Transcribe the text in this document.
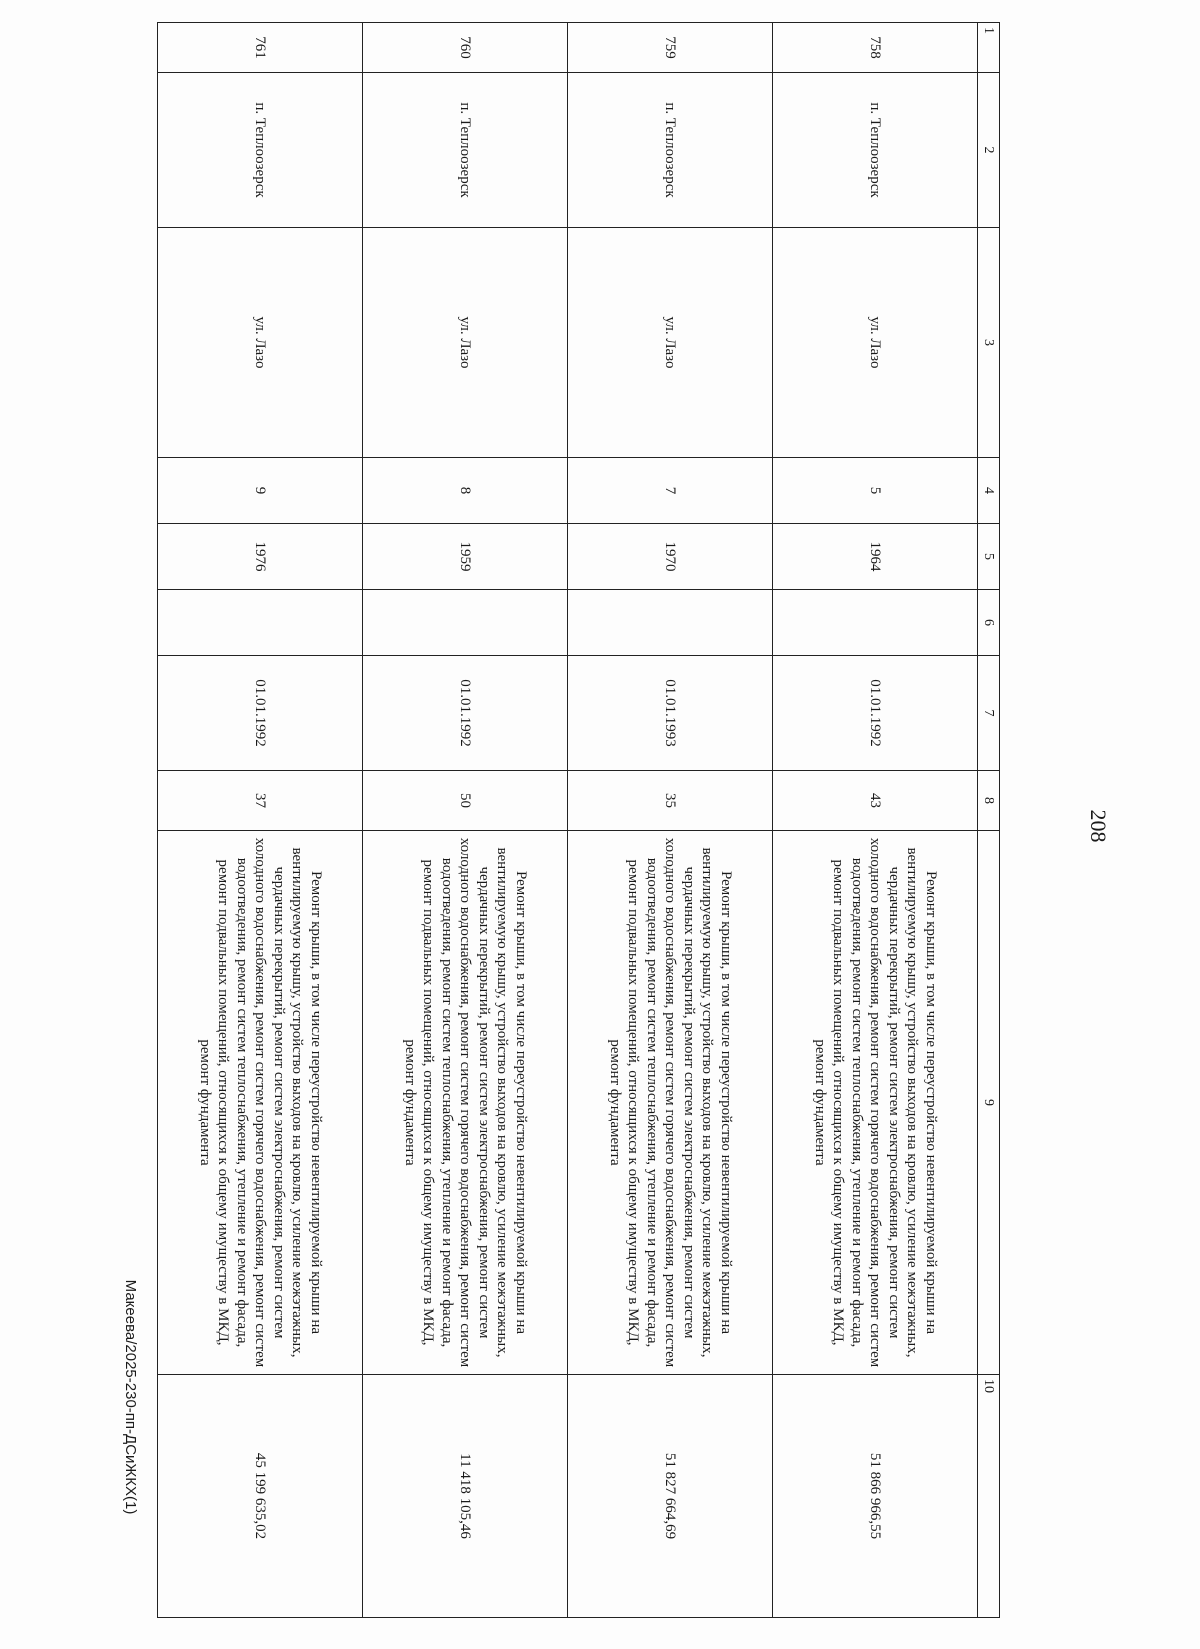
208
1	2	3	4	5	6	7	8	9	10
758	п. Теплоозерск	ул. Лазо	5	1964		01.01.1992	43	Ремонт крыши, в том числе переустройство невентилируемой крыши на вентилируемую крышу, устройство выходов на кровлю, усиление межэтажных, чердачных перекрытий, ремонт систем электроснабжения, ремонт систем холодного водоснабжения, ремонт систем горячего водоснабжения, ремонт систем водоотведения, ремонт систем теплоснабжения, утепление и ремонт фасада, ремонт подвальных помещений, относящихся к общему имуществу в МКД, ремонт фундамента	51 866 966,55
759	п. Теплоозерск	ул. Лазо	7	1970		01.01.1993	35	Ремонт крыши, в том числе переустройство невентилируемой крыши на вентилируемую крышу, устройство выходов на кровлю, усиление межэтажных, чердачных перекрытий, ремонт систем электроснабжения, ремонт систем холодного водоснабжения, ремонт систем горячего водоснабжения, ремонт систем водоотведения, ремонт систем теплоснабжения, утепление и ремонт фасада, ремонт подвальных помещений, относящихся к общему имуществу в МКД, ремонт фундамента	51 827 664,69
760	п. Теплоозерск	ул. Лазо	8	1959		01.01.1992	50	Ремонт крыши, в том числе переустройство невентилируемой крыши на вентилируемую крышу, устройство выходов на кровлю, усиление межэтажных, чердачных перекрытий, ремонт систем электроснабжения, ремонт систем холодного водоснабжения, ремонт систем горячего водоснабжения, ремонт систем водоотведения, ремонт систем теплоснабжения, утепление и ремонт фасада, ремонт подвальных помещений, относящихся к общему имуществу в МКД, ремонт фундамента	11 418 105,46
761	п. Теплоозерск	ул. Лазо	9	1976		01.01.1992	37	Ремонт крыши, в том числе переустройство невентилируемой крыши на вентилируемую крышу, устройство выходов на кровлю, усиление межэтажных, чердачных перекрытий, ремонт систем электроснабжения, ремонт систем холодного водоснабжения, ремонт систем горячего водоснабжения, ремонт систем водоотведения, ремонт систем теплоснабжения, утепление и ремонт фасада, ремонт подвальных помещений, относящихся к общему имуществу в МКД, ремонт фундамента	45 199 635,02
Макеева/2025-230-пп-ДСиЖКХ(1)
